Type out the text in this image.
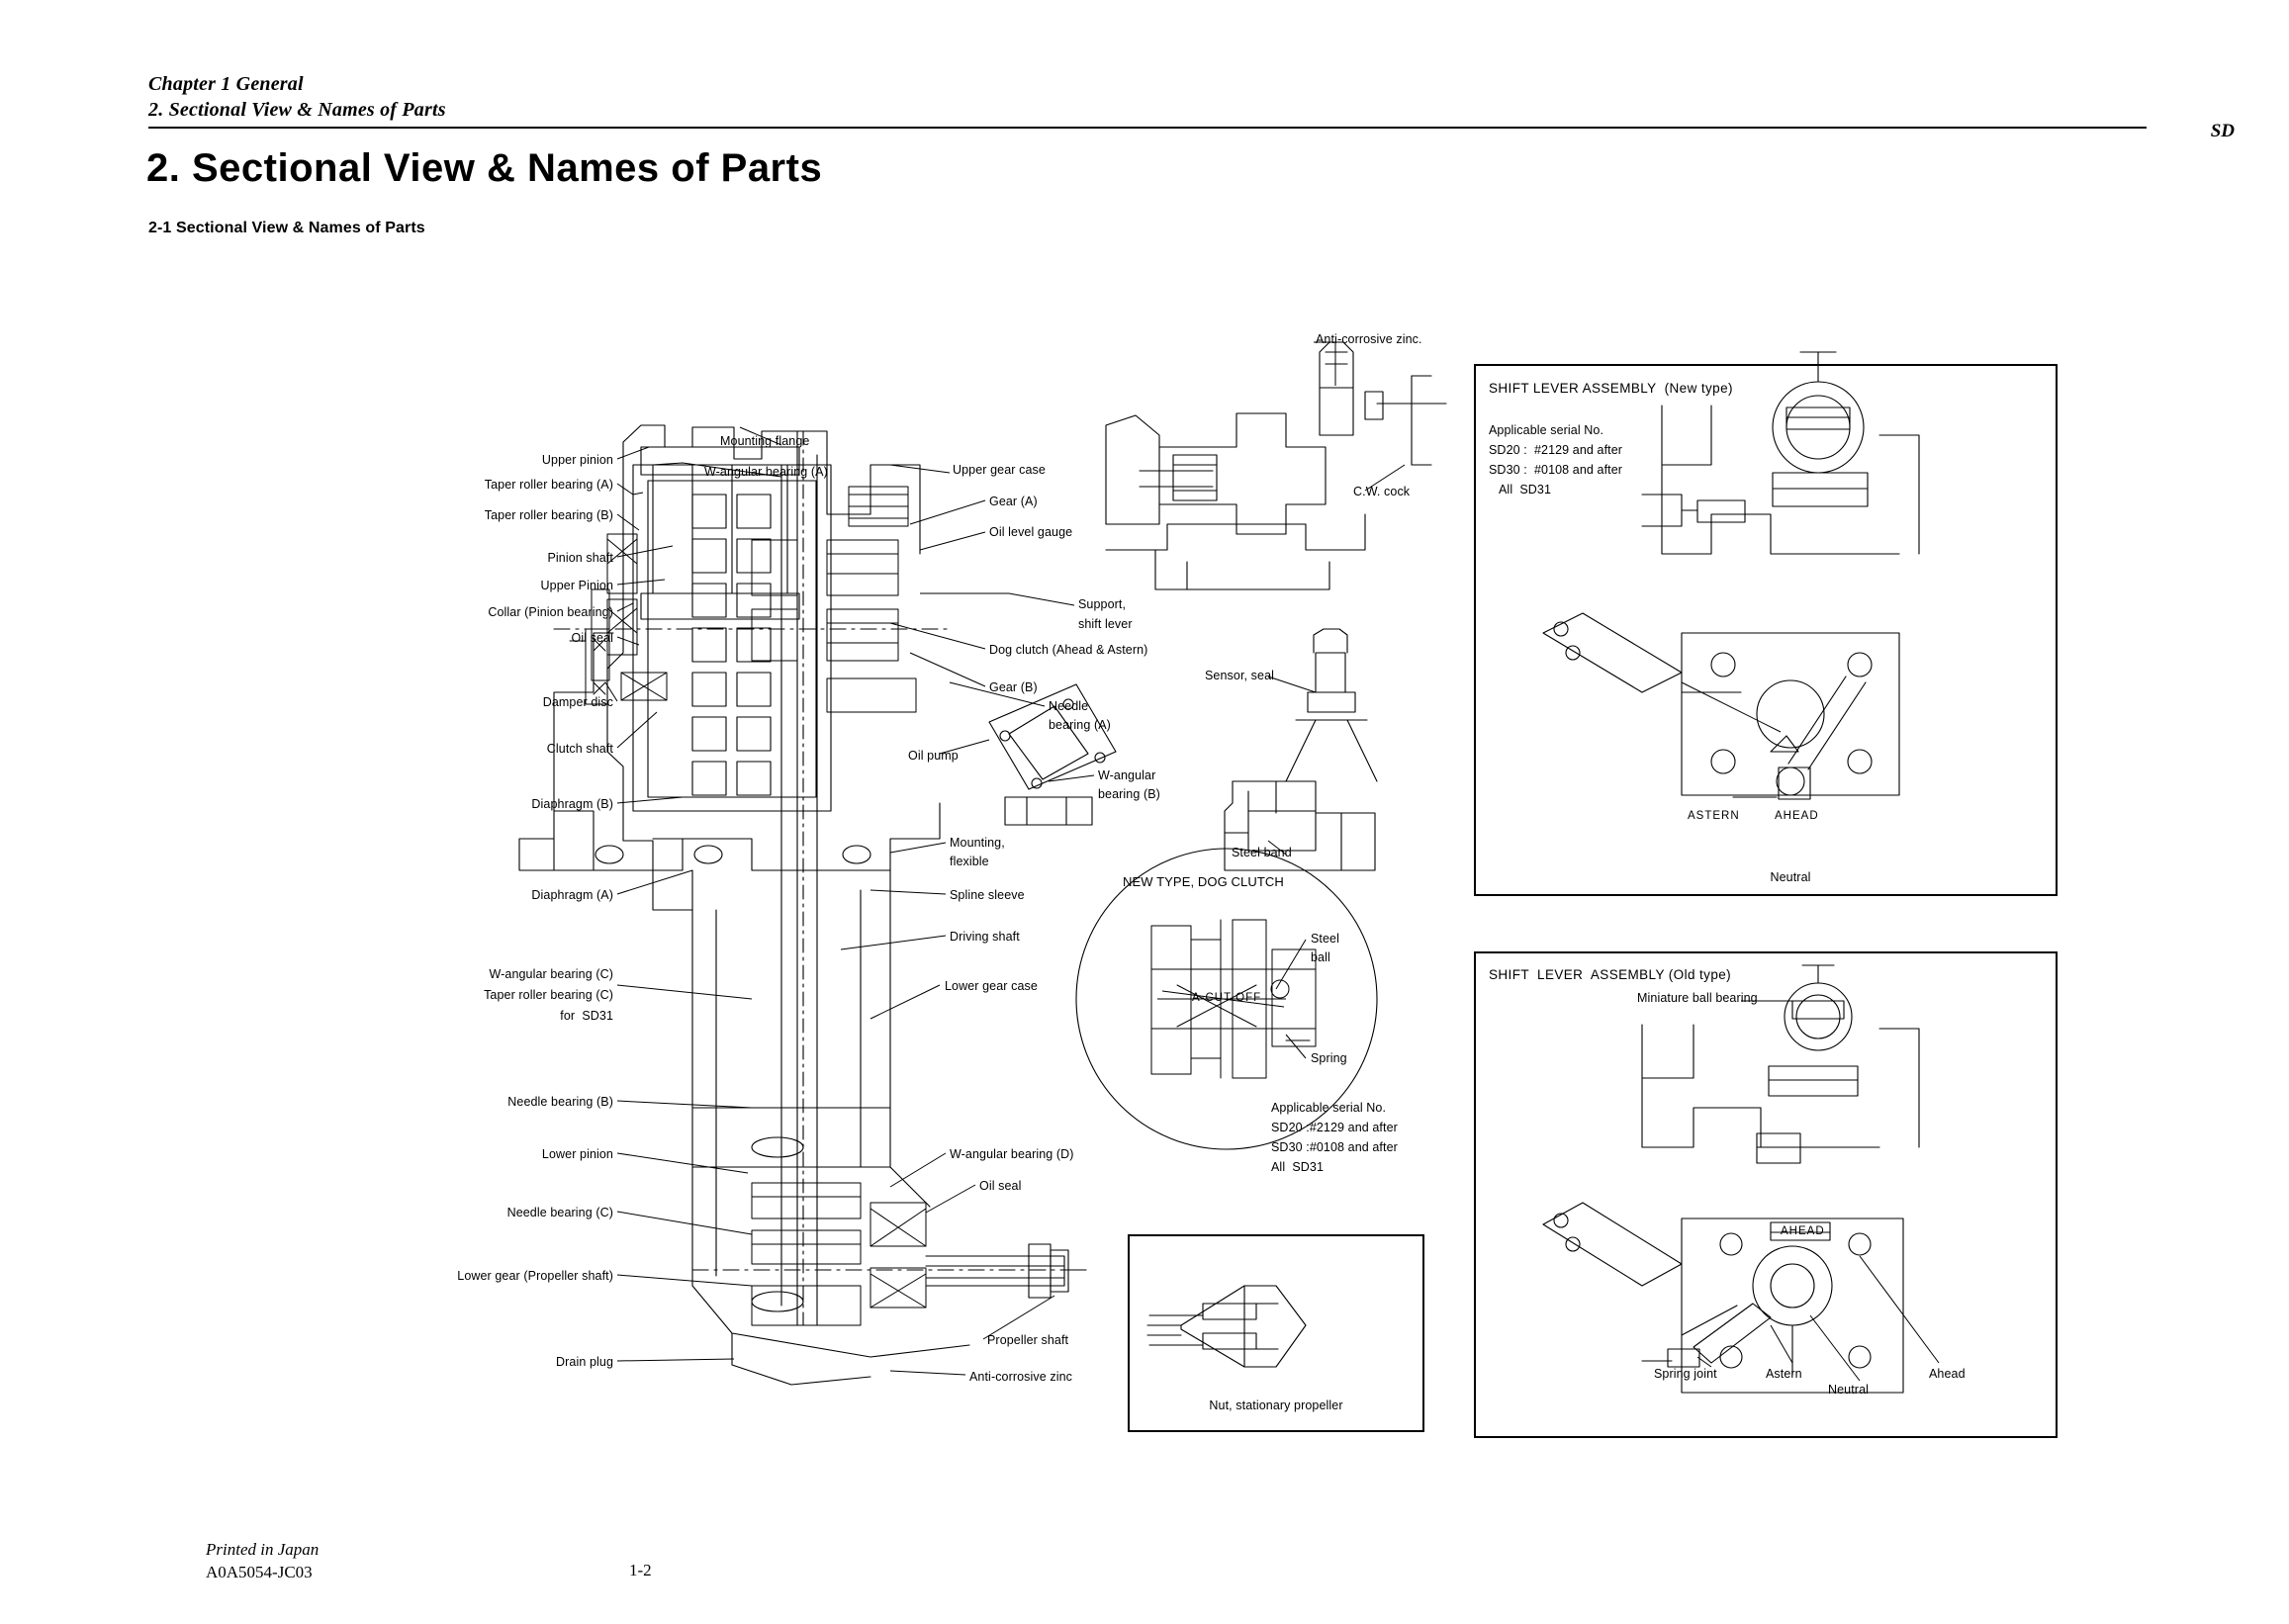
Chapter 1 General
2. Sectional View & Names of Parts
SD
2. Sectional View & Names of Parts
2-1 Sectional View & Names of Parts
Printed in Japan
A0A5054-JC03	1-2
SHIFT LEVER ASSEMBLY  (New type)
SHIFT  LEVER  ASSEMBLY (Old type)
Upper pinion
Taper roller bearing (A)
Taper roller bearing (B)
Pinion shaft
Upper Pinion
Collar (Pinion bearing)
Oil seal
Damper disc
Clutch shaft
Diaphragm (B)
Diaphragm (A)
W-angular bearing (C)
Taper roller bearing (C)
for  SD31
Needle bearing (B)
Lower pinion
Needle bearing (C)
Lower gear (Propeller shaft)
Drain plug
Mounting flange
W-angular bearing (A)	Upper gear case
Gear (A)
Oil level gauge
Support,
shift lever
Dog clutch (Ahead & Astern)
Gear (B)
Needle
bearing (A)
Oil pump
W-angular
bearing (B)
Mounting,
flexible
Spline sleeve
Driving shaft
Lower gear case
W-angular bearing (D)
Oil seal
Propeller shaft
Anti-corrosive zinc
Anti-corrosive zinc.
C.W. cock
Sensor, seal
Steel band
NEW TYPE, DOG CLUTCH
Steel
ball
Spring
A-CUT OFF
Applicable serial No.
SD20 :#2129 and after
SD30 :#0108 and after
All  SD31
Nut, stationary propeller
Applicable serial No.
SD20 :  #2129 and after
SD30 :  #0108 and after
All  SD31
ASTERN	AHEAD
Neutral
Miniature ball bearing
AHEAD
Spring joint	Astern
Neutral
Ahead
